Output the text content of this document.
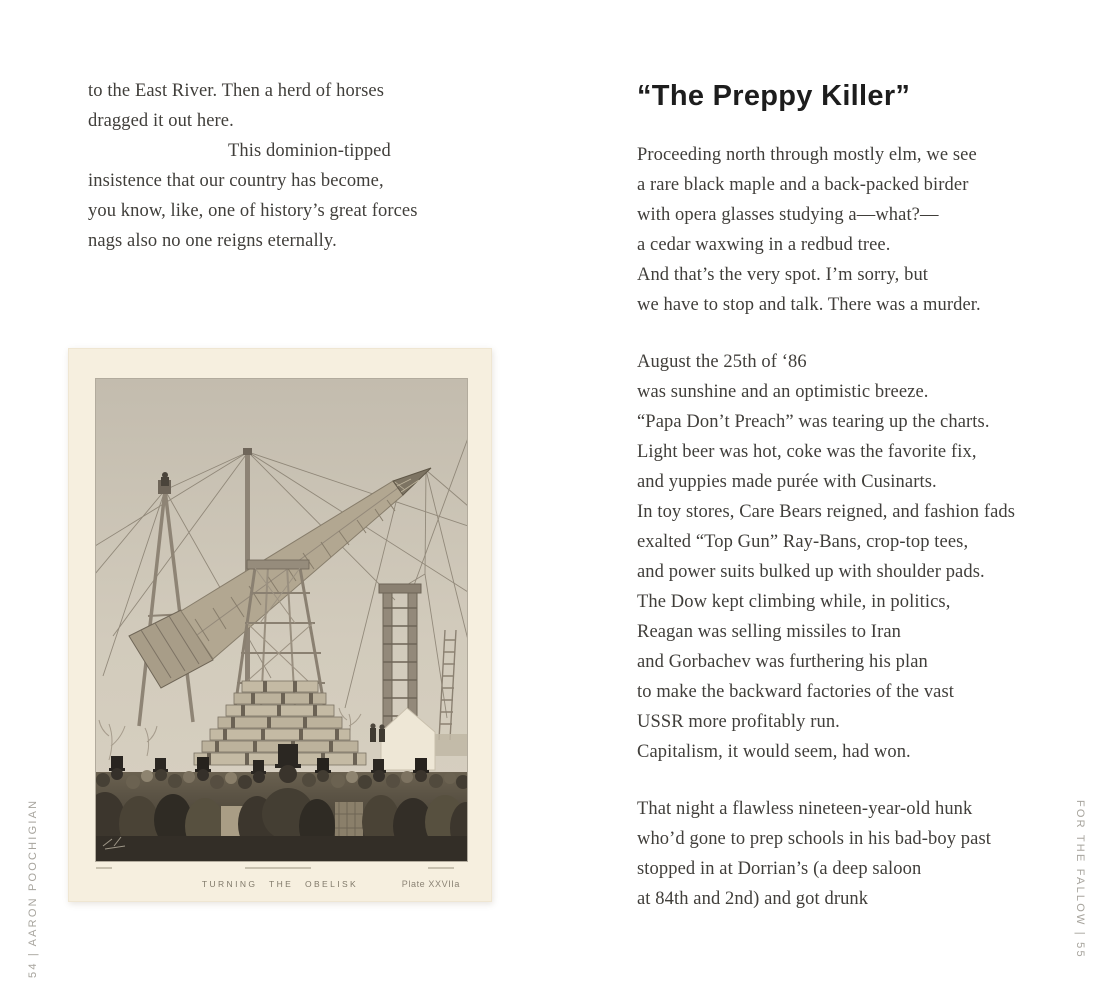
to the East River. Then a herd of horses
dragged it out here.
This dominion-tipped
insistence that our country has become,
you know, like, one of history’s great forces
nags also no one reigns eternally.
TURNING THE OBELISK	Plate XXVIIa
“The Preppy Killer”
Proceeding north through mostly elm, we see
a rare black maple and a back-packed birder
with opera glasses studying a—what?—
a cedar waxwing in a redbud tree.
And that’s the very spot. I’m sorry, but
we have to stop and talk. There was a murder.
August the 25th of ‘86
was sunshine and an optimistic breeze.
“Papa Don’t Preach” was tearing up the charts.
Light beer was hot, coke was the favorite fix,
and yuppies made purée with Cusinarts.
In toy stores, Care Bears reigned, and fashion fads
exalted “Top Gun” Ray-Bans, crop-top tees,
and power suits bulked up with shoulder pads.
The Dow kept climbing while, in politics,
Reagan was selling missiles to Iran
and Gorbachev was furthering his plan
to make the backward factories of the vast
USSR more profitably run.
Capitalism, it would seem, had won.
That night a flawless nineteen-year-old hunk
who’d gone to prep schools in his bad-boy past
stopped in at Dorrian’s (a deep saloon
at 84th and 2nd) and got drunk
54 | AARON POOCHIGIAN	FOR THE FALLOW | 55
